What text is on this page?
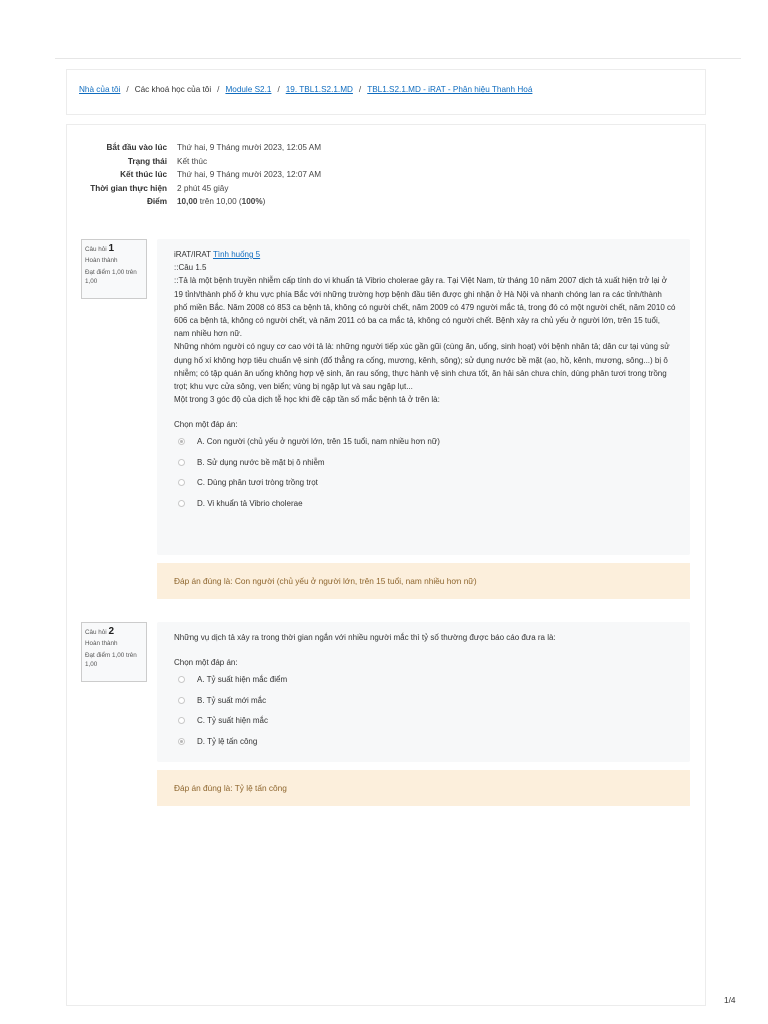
Nhà của tôi / Các khoá học của tôi / Module S2.1 / 19. TBL1.S2.1.MD / TBL1.S2.1.MD - iRAT - Phân hiệu Thanh Hoá
Bắt đầu vào lúc	Thứ hai, 9 Tháng mười 2023, 12:05 AM
Trạng thái	Kết thúc
Kết thúc lúc	Thứ hai, 9 Tháng mười 2023, 12:07 AM
Thời gian thực hiện	2 phút 45 giây
Điểm	10,00 trên 10,00 (100%)
Câu hỏi 1
Hoàn thành
Đạt điểm 1,00 trên 1,00
iRAT/IRAT Tình huống 5
::Câu 1.5
::Tả là một bệnh truyền nhiễm cấp tính do vi khuẩn tả Vibrio cholerae gây ra. Tại Việt Nam, từ tháng 10 năm 2007 dịch tả xuất hiện trở lại ở 19 tỉnh/thành phố ở khu vực phía Bắc với những trường hợp bệnh đầu tiên được ghi nhận ở Hà Nội và nhanh chóng lan ra các tỉnh/thành phố miền Bắc. Năm 2008 có 853 ca bệnh tả, không có người chết, năm 2009 có 479 người mắc tả, trong đó có một người chết, năm 2010 có 606 ca bệnh tả, không có người chết, và năm 2011 có ba ca mắc tả, không có người chết. Bệnh xảy ra chủ yếu ở người lớn, trên 15 tuổi, nam nhiều hơn nữ.
Những nhóm người có nguy cơ cao với tả là: những người tiếp xúc gần gũi (cùng ăn, uống, sinh hoạt) với bệnh nhân tả; dân cư tại vùng sử dụng hố xí không hợp tiêu chuẩn vệ sinh (đổ thẳng ra cống, mương, kênh, sông); sử dụng nước bề mặt (ao, hồ, kênh, mương, sông...) bị ô nhiễm; có tập quán ăn uống không hợp vệ sinh, ăn rau sống, thực hành vệ sinh chưa tốt, ăn hải sản chưa chín, dùng phân tươi trong trồng trọt; khu vực cửa sông, ven biển; vùng bị ngập lụt và sau ngập lụt...
Một trong 3 góc độ của dịch tễ học khi đề cập tần số mắc bệnh tả ở trên là:
Chọn một đáp án:
A. Con người (chủ yếu ở người lớn, trên 15 tuổi, nam nhiều hơn nữ)
B. Sử dụng nước bề mặt bị ô nhiễm
C. Dùng phân tươi tròng trồng trọt
D. Vi khuẩn tả Vibrio cholerae
Đáp án đúng là: Con người (chủ yếu ở người lớn, trên 15 tuổi, nam nhiều hơn nữ)
Câu hỏi 2
Hoàn thành
Đạt điểm 1,00 trên 1,00
Những vụ dịch tả xảy ra trong thời gian ngắn với nhiều người mắc thì tỷ số thường được báo cáo đưa ra là:
Chọn một đáp án:
A. Tỷ suất hiện mắc điểm
B. Tỷ suất mới mắc
C. Tỷ suất hiện mắc
D. Tỷ lệ tấn công
Đáp án đúng là: Tỷ lệ tấn công
1/4
